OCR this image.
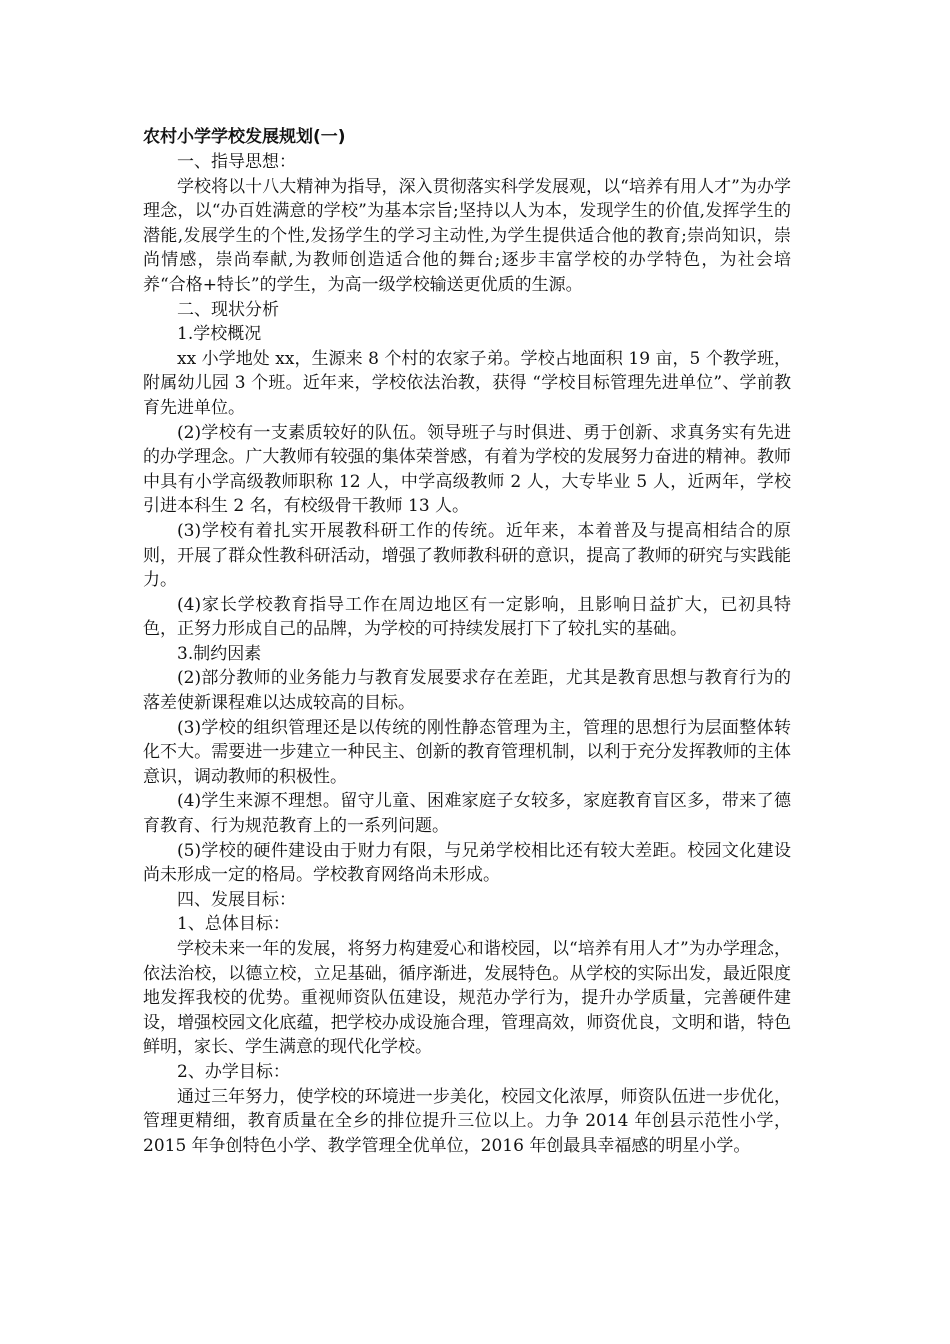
农村小学学校发展规划(一)

一、指导思想：

学校将以十八大精神为指导，深入贯彻落实科学发展观，以“培养有用人才”为办学理念，以“办百姓满意的学校”为基本宗旨;坚持以人为本，发现学生的价值,发挥学生的潜能,发展学生的个性,发扬学生的学习主动性,为学生提供适合他的教育;崇尚知识，崇尚情感，崇尚奉献,为教师创造适合他的舞台;逐步丰富学校的办学特色，为社会培养“合格+特长”的学生，为高一级学校输送更优质的生源。

二、现状分析

1.学校概况

xx 小学地处 xx，生源来 8 个村的农家子弟。学校占地面积 19 亩，5 个教学班，附属幼儿园 3 个班。近年来，学校依法治教，获得 “学校目标管理先进单位”、学前教育先进单位。

(2)学校有一支素质较好的队伍。领导班子与时俱进、勇于创新、求真务实有先进的办学理念。广大教师有较强的集体荣誉感，有着为学校的发展努力奋进的精神。教师中具有小学高级教师职称 12 人，中学高级教师 2 人，大专毕业 5 人，近两年，学校引进本科生 2 名，有校级骨干教师 13 人。

(3)学校有着扎实开展教科研工作的传统。近年来，本着普及与提高相结合的原则，开展了群众性教科研活动，增强了教师教科研的意识，提高了教师的研究与实践能力。

(4)家长学校教育指导工作在周边地区有一定影响，且影响日益扩大，已初具特色，正努力形成自己的品牌，为学校的可持续发展打下了较扎实的基础。

3.制约因素

(2)部分教师的业务能力与教育发展要求存在差距，尤其是教育思想与教育行为的落差使新课程难以达成较高的目标。

(3)学校的组织管理还是以传统的刚性静态管理为主，管理的思想行为层面整体转化不大。需要进一步建立一种民主、创新的教育管理机制，以利于充分发挥教师的主体意识，调动教师的积极性。

(4)学生来源不理想。留守儿童、困难家庭子女较多，家庭教育盲区多，带来了德育教育、行为规范教育上的一系列问题。

(5)学校的硬件建设由于财力有限，与兄弟学校相比还有较大差距。校园文化建设尚未形成一定的格局。学校教育网络尚未形成。

四、发展目标：

1、总体目标：

学校未来一年的发展，将努力构建爱心和谐校园，以“培养有用人才”为办学理念，依法治校，以德立校，立足基础，循序渐进，发展特色。从学校的实际出发，最近限度地发挥我校的优势。重视师资队伍建设，规范办学行为，提升办学质量，完善硬件建设，增强校园文化底蕴，把学校办成设施合理，管理高效，师资优良，文明和谐，特色鲜明，家长、学生满意的现代化学校。

2、办学目标：

通过三年努力，使学校的环境进一步美化，校园文化浓厚，师资队伍进一步优化，管理更精细，教育质量在全乡的排位提升三位以上。力争 2014 年创县示范性小学，2015 年争创特色小学、教学管理全优单位，2016 年创最具幸福感的明星小学。
